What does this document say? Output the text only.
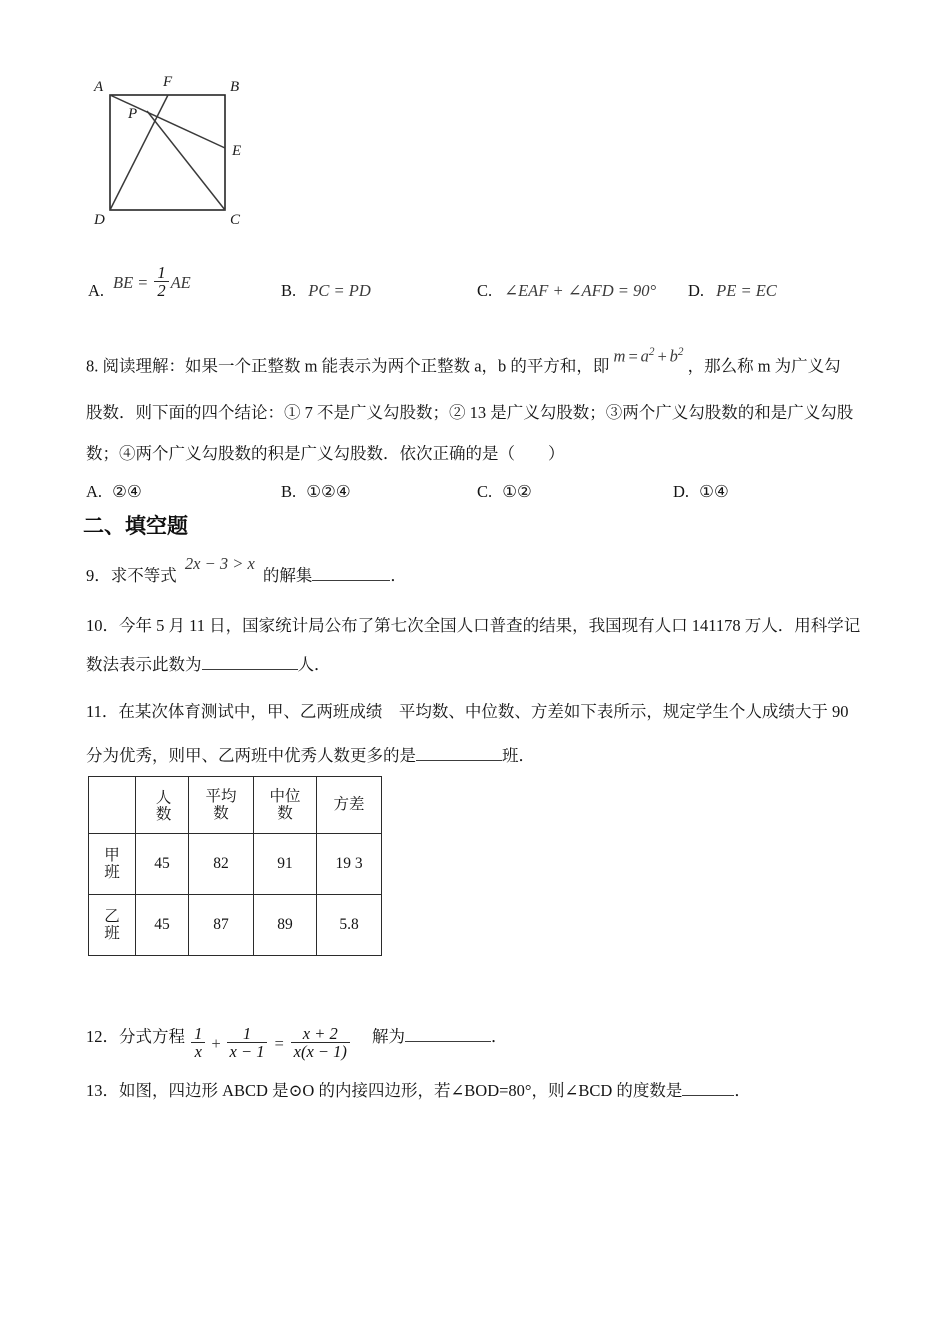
A	B
C
D
E
F
P
A. BE = $\frac{1}{2}$ AE	B. PC = PD	C. ∠EAF + ∠AFD = 90° D. PE = EC
8. 阅读理解：如果一个正整数 m 能表示为两个正整数 a，b 的平方和，即 $m = a^2 + b^2$ ，那么称 m 为广义勾
股数．则下面的四个结论：① 7 不是广义勾股数；② 13 是广义勾股数；③两个广义勾股数的和是广义勾股
数；④两个广义勾股数的积是广义勾股数．依次正确的是（　　）
A. ②④	B. ①②④	C. ①②	D. ①④
二、填空题
9．求不等式 2x − 3 > x 的解集	．
10．今年 5 月 11 日，国家统计局公布了第七次全国人口普查的结果，我国现有人口 141178 万人．用科学记
数法表示此数为	人．
11．在某次体育测试中，甲、乙两班成绩　平均数、中位数、方差如下表所示，规定学生个人成绩大于 90
分为优秀，则甲、乙两班中优秀人数更多的是	班．

	人数	平均数	中位数	方差

甲班	45	82	91	19 3

乙班	45	87	89	5.8
12．分式方程 $\frac{1}{x} + \frac{1}{x - 1} = \frac{x + 2}{x(x - 1)}$ 解为	．
13．如图，四边形 ABCD 是⊙O 的内接四边形，若∠BOD=80°，则∠BCD 的度数是	．
